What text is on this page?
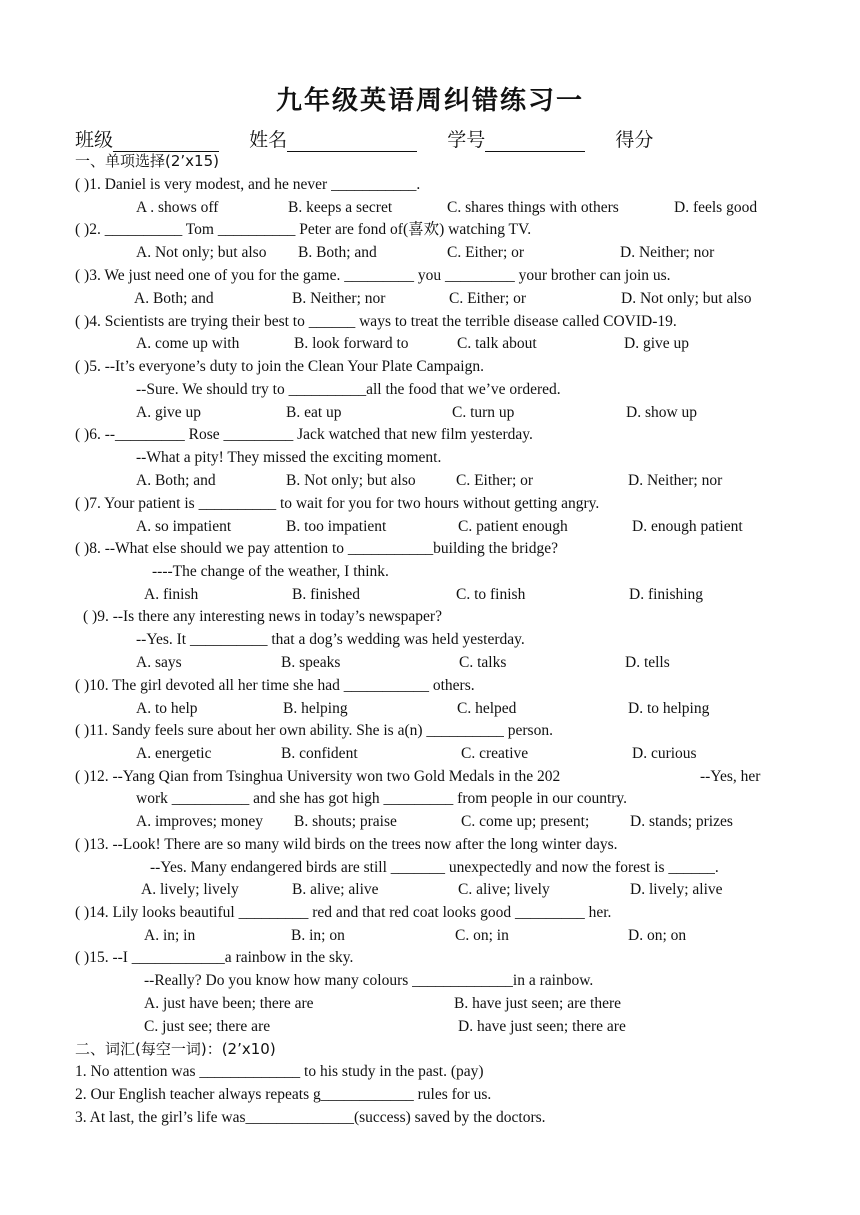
九年级英语周纠错练习一
班级	姓名	学号	得分
一、单项选择(2’x15)
( )1. Daniel is very modest, and he never ___________.
A . shows off	B. keeps a secret	C. shares things with others	D. feels good
( )2. __________ Tom __________ Peter are fond of(喜欢) watching TV.
A. Not only; but also B. Both; and	C. Either; or	D. Neither; nor
( )3. We just need one of you for the game. _________ you _________ your brother can join us.
A. Both; and	B. Neither; nor	C. Either; or	D. Not only; but also
( )4. Scientists are trying their best to ______ ways to treat the terrible disease called COVID-19.
A. come up with	B. look forward to	C. talk about	D. give up
( )5. --It’s everyone’s duty to join the Clean Your Plate Campaign.
--Sure. We should try to __________all the food that we’ve ordered.
A. give up	B. eat up	C. turn up	D. show up
( )6. --_________ Rose _________ Jack watched that new film yesterday.
--What a pity! They missed the exciting moment.
A. Both; and	B. Not only; but also	C. Either; or	D. Neither; nor
( )7. Your patient is __________ to wait for you for two hours without getting angry.
A. so impatient	B. too impatient	C. patient enough	D. enough patient
( )8. --What else should we pay attention to ___________building the bridge?
----The change of the weather, I think.
A. finish	B. finished	C. to finish	D. finishing
( )9. --Is there any interesting news in today’s newspaper?
--Yes. It __________ that a dog’s wedding was held yesterday.
A. says	B. speaks	C. talks	D. tells
( )10. The girl devoted all her time she had ___________ others.
A. to help	B. helping	C. helped	D. to helping
( )11. Sandy feels sure about her own ability. She is a(n) __________ person.
A. energetic	B. confident	C. creative	D. curious
( )12. --Yang Qian from Tsinghua University won two Gold Medals in the 202	--Yes, her
work __________ and she has got high _________ from people in our country.
A. improves; money B. shouts; praise	C. come up; present;	D. stands; prizes
( )13. --Look! There are so many wild birds on the trees now after the long winter days.
--Yes. Many endangered birds are still _______ unexpectedly and now the forest is ______.
A. lively; lively	B. alive; alive	C. alive; lively	D. lively; alive
( )14. Lily looks beautiful _________ red and that red coat looks good _________ her.
A. in; in	B. in; on	C. on; in	D. on; on
( )15. --I ____________a rainbow in the sky.
--Really? Do you know how many colours _____________in a rainbow.
A. just have been; there are	B. have just seen; are there
C. just see; there are	D. have just seen; there are
二、词汇(每空一词)：(2’x10)
1. No attention was _____________ to his study in the past. (pay)
2. Our English teacher always repeats g____________ rules for us.
3. At last, the girl’s life was______________(success) saved by the doctors.
